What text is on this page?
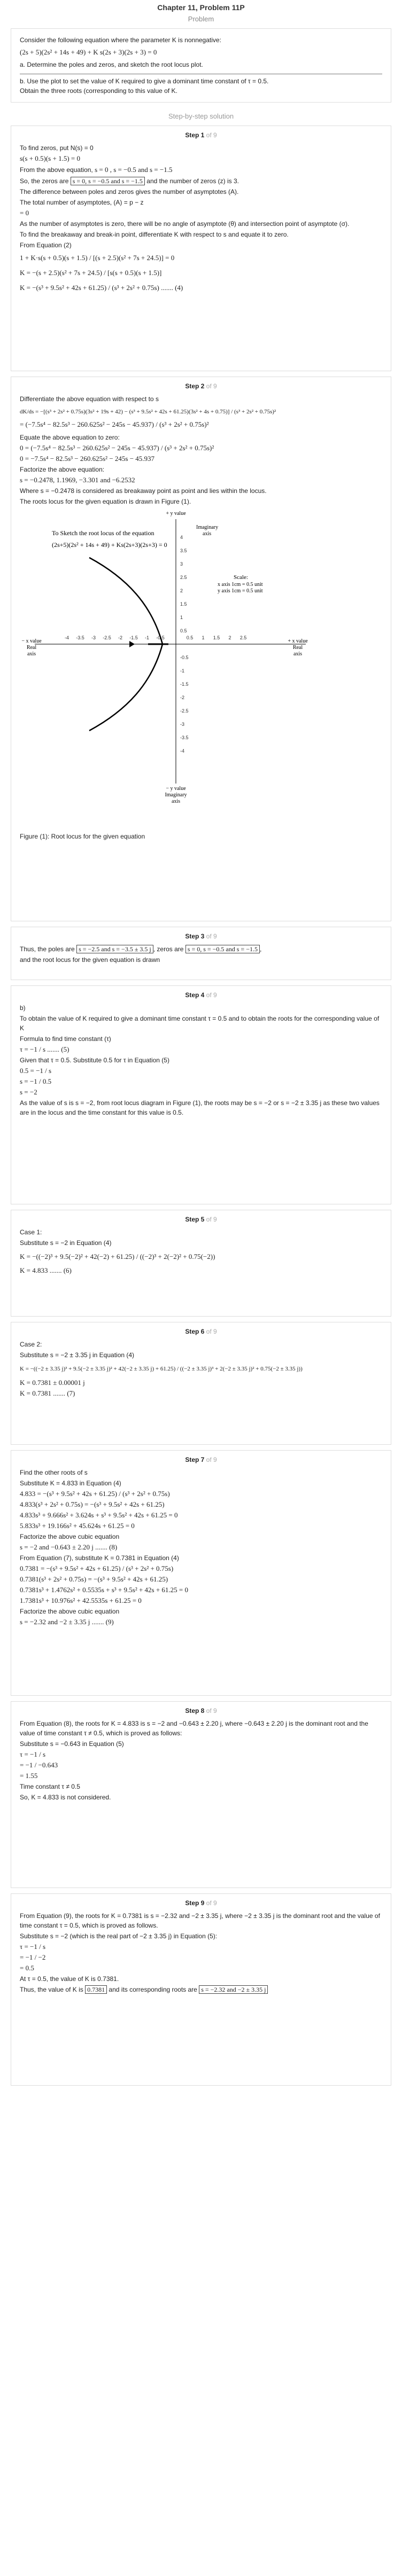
Chapter 11, Problem 11P
Problem

Consider the following equation where the parameter K is nonnegative:

(2s + 5)(2s² + 14s + 49) + K s(2s + 3)(2s + 3) = 0

a. Determine the poles and zeros, and sketch the root locus plot.

b. Use the plot to set the value of K required to give a dominant time constant of τ = 0.5.

Obtain the three roots (corresponding to this value of K.

Step-by-step solution
Step 1 of 9

To find zeros, put N(s) = 0

s(s + 0.5)(s + 1.5) = 0

From the above equation, s = 0 , s = −0.5 and s = −1.5

So, the zeros are s = 0, s = −0.5 and s = −1.5 and the number of zeros (z) is 3.

The difference between poles and zeros gives the number of asymptotes (A).

The total number of asymptotes, (A) = p − z

= 0

As the number of asymptotes is zero, there will be no angle of asymptote (θ) and intersection point of asymptote (σ).

To find the breakaway and break-in point, differentiate K with respect to s and equate it to zero.

From Equation (2)

1 + K·s(s + 0.5)(s + 1.5) / [(s + 2.5)(s² + 7s + 24.5)] = 0

K = −(s + 2.5)(s² + 7s + 24.5) / [s(s + 0.5)(s + 1.5)]

K = −(s³ + 9.5s² + 42s + 61.25) / (s³ + 2s² + 0.75s) ....... (4)

Step 2 of 9

Differentiate the above equation with respect to s

dK/ds = −[(s³ + 2s² + 0.75s)(3s² + 19s + 42) − (s³ + 9.5s² + 42s + 61.25)(3s² + 4s + 0.75)] / (s³ + 2s² + 0.75s)²

= (−7.5s⁴ − 82.5s³ − 260.625s² − 245s − 45.937) / (s³ + 2s² + 0.75s)²

Equate the above equation to zero:

0 = (−7.5s⁴ − 82.5s³ − 260.625s² − 245s − 45.937) / (s³ + 2s² + 0.75s)²

0 = −7.5s⁴ − 82.5s³ − 260.625s² − 245s − 45.937

Factorize the above equation:

s = −0.2478, 1.1969, −3.301 and −6.2532

Where s = −0.2478 is considered as breakaway point as point and lies within the locus.

The roots locus for the given equation is drawn in Figure (1).

To Sketch the root locus of the equation
(2s+5)(2s² + 14s + 49) + Ks(2s+3)(2s+3) = 0
+ y value
Imaginary
axis
− y value
Imaginary
axis
+ x value
Real
axis
− x value
Real
axis
Scale:
x axis 1cm = 0.5 unit
y axis 1cm = 0.5 unit
-4 -3.5 -3 -2.5 -2 -1.5 -1 -0.5	0.5 1 1.5 2 2.5
4
3.5
3
2.5
2
1.5
1
0.5
-0.5
-1
-1.5
-2
-2.5
-3
-3.5
-4

Figure (1): Root locus for the given equation

Step 3 of 9

Thus, the poles are s = −2.5 and s = −3.5 ± 3.5 j , zeros are s = 0, s = −0.5 and s = −1.5 ,

and the root locus for the given equation is drawn

Step 4 of 9

b)

To obtain the value of K required to give a dominant time constant τ = 0.5 and to obtain the roots for the corresponding value of K

Formula to find time constant (τ)

τ = −1 / s ....... (5)

Given that τ = 0.5. Substitute 0.5 for τ in Equation (5)

0.5 = −1 / s

s = −1 / 0.5

s = −2

As the value of s is s = −2, from root locus diagram in Figure (1), the roots may be s = −2 or s = −2 ± 3.35 j as these two values are in the locus and the time constant for this value is 0.5.

Step 5 of 9

Case 1:

Substitute s = −2 in Equation (4)

K = −((−2)³ + 9.5(−2)² + 42(−2) + 61.25) / ((−2)³ + 2(−2)² + 0.75(−2))

K = 4.833 ....... (6)

Step 6 of 9

Case 2:

Substitute s = −2 ± 3.35 j in Equation (4)

K = −((−2 ± 3.35 j)³ + 9.5(−2 ± 3.35 j)² + 42(−2 ± 3.35 j) + 61.25) / ((−2 ± 3.35 j)³ + 2(−2 ± 3.35 j)² + 0.75(−2 ± 3.35 j))

K = 0.7381 ± 0.00001 j

K = 0.7381 ....... (7)

Step 7 of 9

Find the other roots of s

Substitute K = 4.833 in Equation (4)

4.833 = −(s³ + 9.5s² + 42s + 61.25) / (s³ + 2s² + 0.75s)

4.833(s³ + 2s² + 0.75s) = −(s³ + 9.5s² + 42s + 61.25)

4.833s³ + 9.666s² + 3.624s + s³ + 9.5s² + 42s + 61.25 = 0

5.833s³ + 19.166s² + 45.624s + 61.25 = 0

Factorize the above cubic equation

s = −2 and −0.643 ± 2.20 j ....... (8)

From Equation (7), substitute K = 0.7381 in Equation (4)

0.7381 = −(s³ + 9.5s² + 42s + 61.25) / (s³ + 2s² + 0.75s)

0.7381(s³ + 2s² + 0.75s) = −(s³ + 9.5s² + 42s + 61.25)

0.7381s³ + 1.4762s² + 0.5535s + s³ + 9.5s² + 42s + 61.25 = 0

1.7381s³ + 10.976s² + 42.5535s + 61.25 = 0

Factorize the above cubic equation

s = −2.32 and −2 ± 3.35 j ....... (9)

Step 8 of 9

From Equation (8), the roots for K = 4.833 is s = −2 and −0.643 ± 2.20 j, where −0.643 ± 2.20 j is the dominant root and the value of time constant τ ≠ 0.5, which is proved as follows:

Substitute s = −0.643 in Equation (5)

τ = −1 / s

= −1 / −0.643

= 1.55

Time constant τ ≠ 0.5

So, K = 4.833 is not considered.

Step 9 of 9

From Equation (9), the roots for K = 0.7381 is s = −2.32 and −2 ± 3.35 j, where −2 ± 3.35 j is the dominant root and the value of time constant τ = 0.5, which is proved as follows.

Substitute s = −2 (which is the real part of −2 ± 3.35 j) in Equation (5):

τ = −1 / s

= −1 / −2

= 0.5

At τ = 0.5, the value of K is 0.7381.

Thus, the value of K is 0.7381 and its corresponding roots are s = −2.32 and −2 ± 3.35 j
